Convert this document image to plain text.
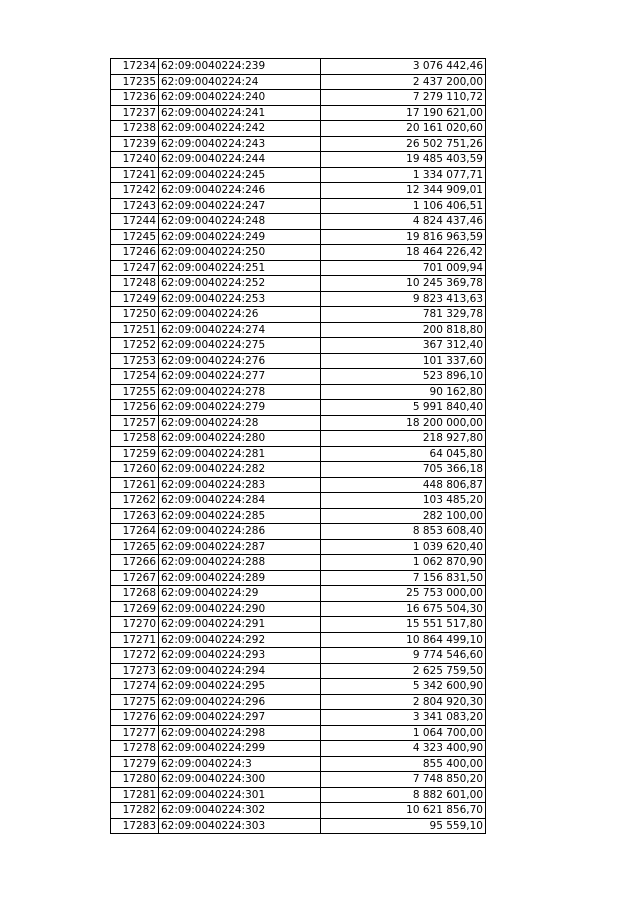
17234	62:09:0040224:239	3 076 442,46
17235	62:09:0040224:24	2 437 200,00
17236	62:09:0040224:240	7 279 110,72
17237	62:09:0040224:241	17 190 621,00
17238	62:09:0040224:242	20 161 020,60
17239	62:09:0040224:243	26 502 751,26
17240	62:09:0040224:244	19 485 403,59
17241	62:09:0040224:245	1 334 077,71
17242	62:09:0040224:246	12 344 909,01
17243	62:09:0040224:247	1 106 406,51
17244	62:09:0040224:248	4 824 437,46
17245	62:09:0040224:249	19 816 963,59
17246	62:09:0040224:250	18 464 226,42
17247	62:09:0040224:251	701 009,94
17248	62:09:0040224:252	10 245 369,78
17249	62:09:0040224:253	9 823 413,63
17250	62:09:0040224:26	781 329,78
17251	62:09:0040224:274	200 818,80
17252	62:09:0040224:275	367 312,40
17253	62:09:0040224:276	101 337,60
17254	62:09:0040224:277	523 896,10
17255	62:09:0040224:278	90 162,80
17256	62:09:0040224:279	5 991 840,40
17257	62:09:0040224:28	18 200 000,00
17258	62:09:0040224:280	218 927,80
17259	62:09:0040224:281	64 045,80
17260	62:09:0040224:282	705 366,18
17261	62:09:0040224:283	448 806,87
17262	62:09:0040224:284	103 485,20
17263	62:09:0040224:285	282 100,00
17264	62:09:0040224:286	8 853 608,40
17265	62:09:0040224:287	1 039 620,40
17266	62:09:0040224:288	1 062 870,90
17267	62:09:0040224:289	7 156 831,50
17268	62:09:0040224:29	25 753 000,00
17269	62:09:0040224:290	16 675 504,30
17270	62:09:0040224:291	15 551 517,80
17271	62:09:0040224:292	10 864 499,10
17272	62:09:0040224:293	9 774 546,60
17273	62:09:0040224:294	2 625 759,50
17274	62:09:0040224:295	5 342 600,90
17275	62:09:0040224:296	2 804 920,30
17276	62:09:0040224:297	3 341 083,20
17277	62:09:0040224:298	1 064 700,00
17278	62:09:0040224:299	4 323 400,90
17279	62:09:0040224:3	855 400,00
17280	62:09:0040224:300	7 748 850,20
17281	62:09:0040224:301	8 882 601,00
17282	62:09:0040224:302	10 621 856,70
17283	62:09:0040224:303	95 559,10
